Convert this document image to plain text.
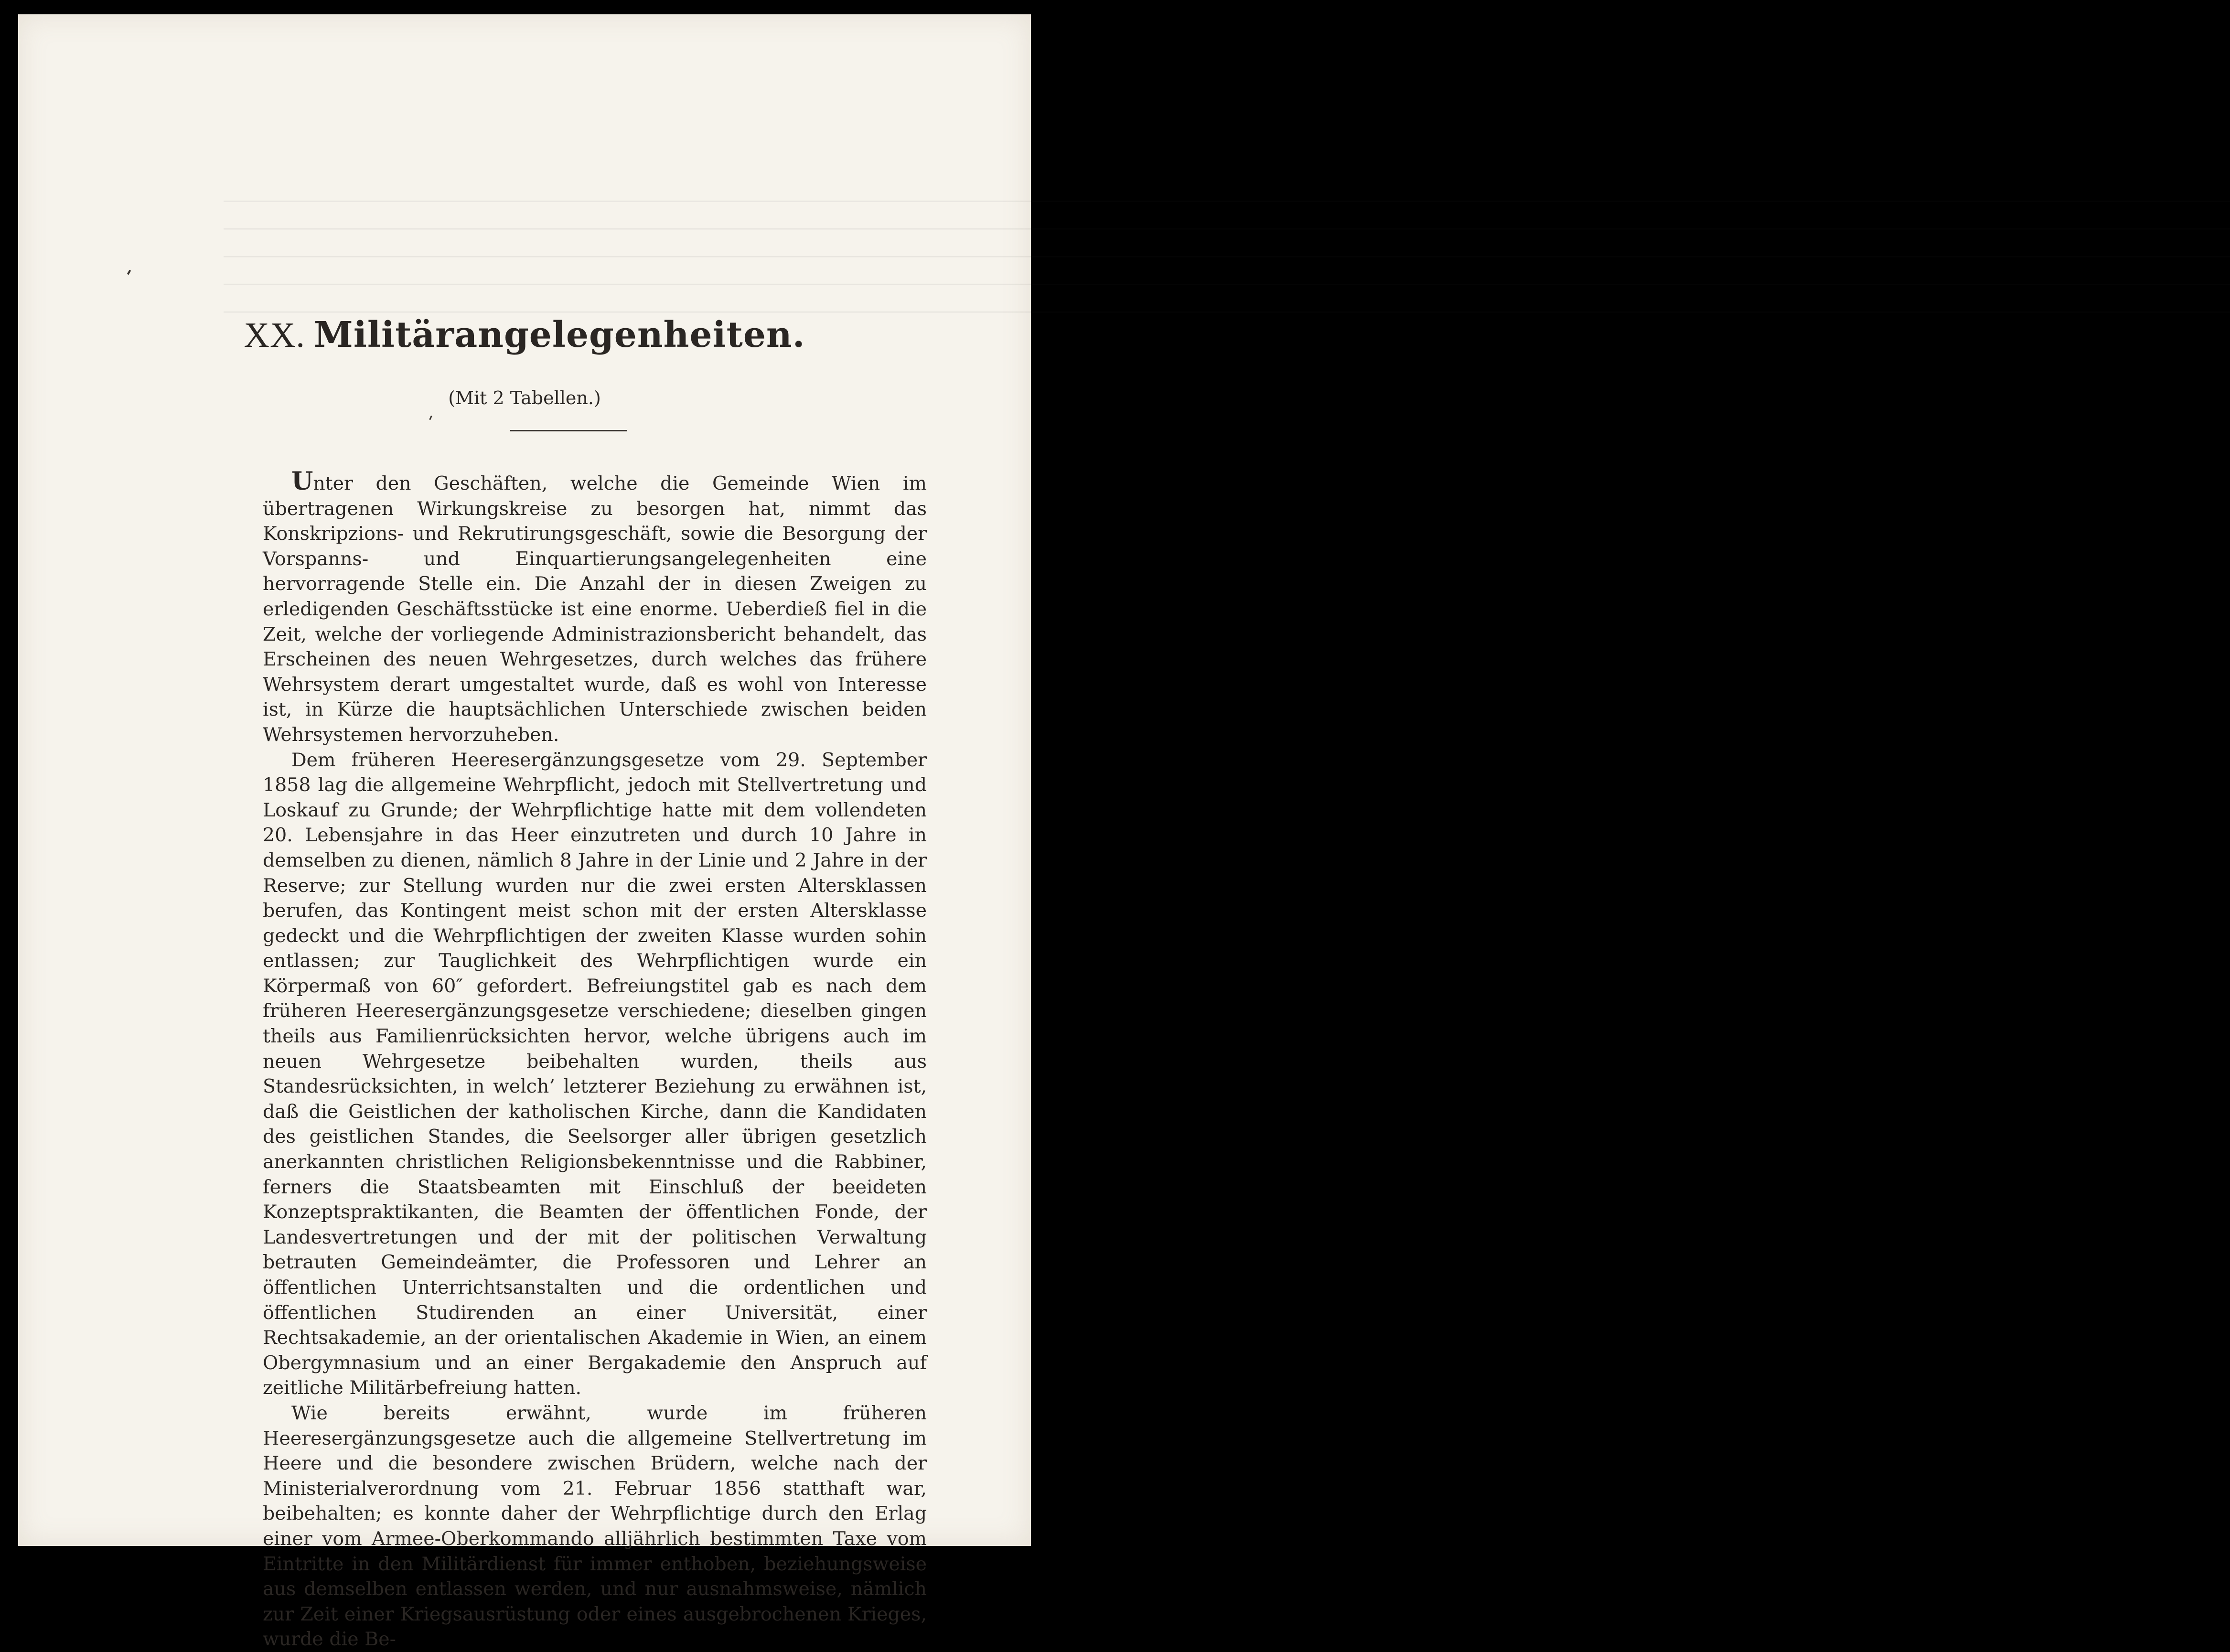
―――――――――――――――――――――――――――――――――――――――――――――――――――――――――――――――――――――――――――――――――――――――――――――――――――――――――
―――――――――――――――――――――――――――――――――――――――――――――――――――――――――――――――――――――――――――――――――――――――――――――――――――――――――
―――――――――――――――――――――――――――――――――――――――――――――――――――――――――――――――――――――――――――――――――――――――――――――――――――――――――
―――――――――――――――――――――――――――――――――――――――――――――――――――――――――――――――――――――――――――――――――――――――――――――――――――――――――
―――――――――――――――――――――――――――――――――――――――――――――――――――――――――――――――――――――――――――――――――――――――――――――――――――――――――
XX. Militärangelegenheiten.
(Mit 2 Tabellen.)

Unter den Geschäften, welche die Gemeinde Wien im übertragenen Wirkungskreise zu besorgen hat, nimmt das Konskripzions- und Rekrutirungsgeschäft, sowie die Besorgung der Vorspanns- und Einquartierungsangelegenheiten eine hervorragende Stelle ein. Die Anzahl der in diesen Zweigen zu erledigenden Geschäftsstücke ist eine enorme. Ueberdieß fiel in die Zeit, welche der vorliegende Administrazionsbericht behandelt, das Erscheinen des neuen Wehrgesetzes, durch welches das frühere Wehrsystem derart umgestaltet wurde, daß es wohl von Interesse ist, in Kürze die hauptsächlichen Unterschiede zwischen beiden Wehrsystemen hervorzuheben.

Dem früheren Heeresergänzungsgesetze vom 29. September 1858 lag die allgemeine Wehrpflicht, jedoch mit Stellvertretung und Loskauf zu Grunde; der Wehrpflichtige hatte mit dem vollendeten 20. Lebensjahre in das Heer einzutreten und durch 10 Jahre in demselben zu dienen, nämlich 8 Jahre in der Linie und 2 Jahre in der Reserve; zur Stellung wurden nur die zwei ersten Altersklassen berufen, das Kontingent meist schon mit der ersten Altersklasse gedeckt und die Wehrpflichtigen der zweiten Klasse wurden sohin entlassen; zur Tauglichkeit des Wehrpflichtigen wurde ein Körpermaß von 60″ gefordert. Befreiungstitel gab es nach dem früheren Heeresergänzungsgesetze verschiedene; dieselben gingen theils aus Familienrücksichten hervor, welche übrigens auch im neuen Wehrgesetze beibehalten wurden, theils aus Standesrücksichten, in welch’ letzterer Beziehung zu erwähnen ist, daß die Geistlichen der katholischen Kirche, dann die Kandidaten des geistlichen Standes, die Seelsorger aller übrigen gesetzlich anerkannten christlichen Religionsbekenntnisse und die Rabbiner, ferners die Staatsbeamten mit Einschluß der beeideten Konzeptspraktikanten, die Beamten der öffentlichen Fonde, der Landesvertretungen und der mit der politischen Verwaltung betrauten Gemeindeämter, die Professoren und Lehrer an öffentlichen Unterrichtsanstalten und die ordentlichen und öffentlichen Studirenden an einer Universität, einer Rechtsakademie, an der orientalischen Akademie in Wien, an einem Obergymnasium und an einer Bergakademie den Anspruch auf zeitliche Militärbefreiung hatten.

Wie bereits erwähnt, wurde im früheren Heeresergänzungsgesetze auch die allgemeine Stellvertretung im Heere und die besondere zwischen Brüdern, welche nach der Ministerialverordnung vom 21. Februar 1856 statthaft war, beibehalten; es konnte daher der Wehrpflichtige durch den Erlag einer vom Armee-Oberkommando alljährlich bestimmten Taxe vom Eintritte in den Militärdienst für immer enthoben, beziehungsweise aus demselben entlassen werden, und nur ausnahmsweise, nämlich zur Zeit einer Kriegsausrüstung oder eines ausgebrochenen Krieges, wurde die Be-
